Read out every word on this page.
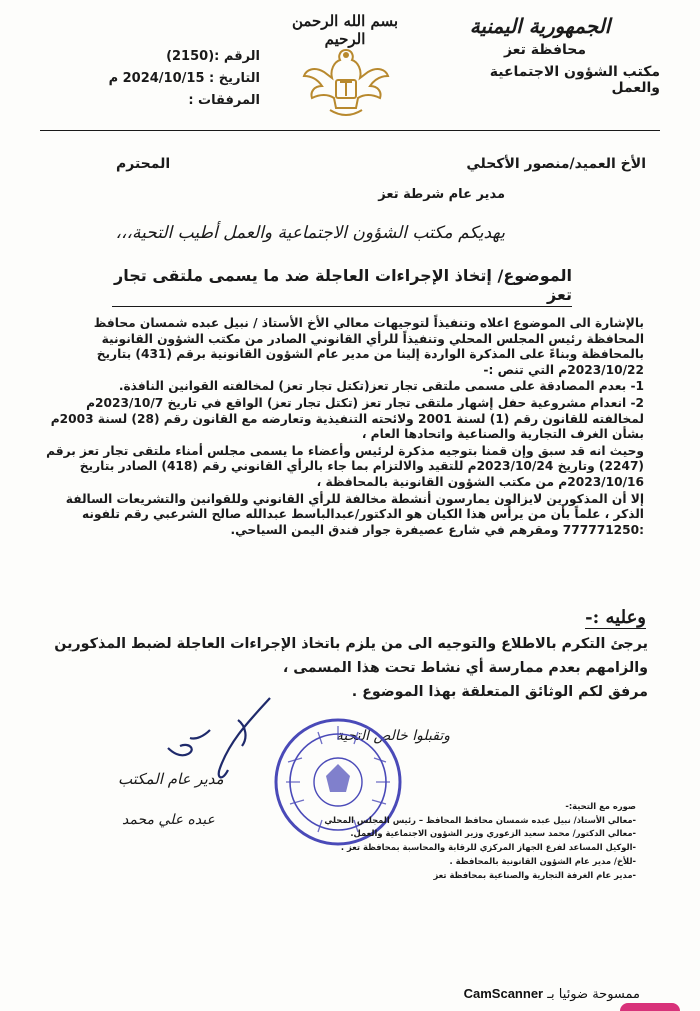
الجمهورية اليمنية
محافظة تعز
مكتب الشؤون الاجتماعية والعمل
بسم الله الرحمن الرحيم
الرقم :(2150)
التاريخ : 2024/10/15 م
المرفقات :
الأخ العميد/منصور الأكحلي
المحترم
مدير عام شرطة تعز
يهديكم مكتب الشؤون الاجتماعية والعمل أطيب التحية،،،
الموضوع/ إتخاذ الإجراءات العاجلة ضد ما يسمى ملتقى تجار تعز

بالإشارة الى الموضوع اعلاه وتنفيذاً لتوجيهات معالي الأخ الأستاذ / نبيل عبده شمسان محافظ المحافظة رئيس المجلس المحلي وتنفيذاً للرأي القانوني الصادر من مكتب الشؤون القانونية بالمحافظة وبناءً على المذكرة الواردة إلينا من مدير عام الشؤون القانونية برقم (431) بتاريخ 2023/10/22م التي تنص :-

1- بعدم المصادقة على مسمى ملتقى تجار تعز(تكتل تجار تعز) لمخالفته القوانين النافذة.

2- انعدام مشروعية حفل إشهار ملتقى تجار تعز (تكتل تجار تعز) الواقع في تاريخ 2023/10/7م لمخالفته للقانون رقم (1) لسنة 2001 ولائحته التنفيذية وتعارضه مع القانون رقم (28) لسنة 2003م بشأن الغرف التجارية والصناعية واتحادها العام ،

وحيث انه قد سبق وإن قمنا بتوجيه مذكرة لرئيس وأعضاء ما يسمى مجلس أمناء ملتقى تجار تعز برقم (2247) وتاريخ 2023/10/24م للتقيد والالتزام بما جاء بالرأي القانوني رقم (418) الصادر بتاريخ 2023/10/16م من مكتب الشؤون القانونية بالمحافظة ،

إلا أن المذكورين لايزالون يمارسون أنشطة مخالفة للرأي القانوني وللقوانين والتشريعات السالفة الذكر ، علماً بأن من يرأس هذا الكيان هو الدكتور/عبدالباسط عبدالله صالح الشرعبي رقم تلفونه :777771250 ومقرهم في شارع عصيفرة جوار فندق اليمن السياحي.

وعليه :-

يرجئ التكرم بالاطلاع والتوجيه الى من يلزم باتخاذ الإجراءات العاجلة لضبط المذكورين والزامهم بعدم ممارسة أي نشاط تحت هذا المسمى ،

مرفق لكم الوثائق المتعلقة بهذا الموضوع .

وتقبلوا خالص التحية
مدير عام المكتب
عبده علي محمد

صوره مع التحية:-

-معالي الأستاذ/ نبيل عبده شمسان محافظ المحافظ – رئيس المجلس المحلي

-معالي الدكتور/ محمد سعيد الزعوري وزير الشؤون الاجتماعية والعمل.

-الوكيل المساعد لفرع الجهاز المركزي للرقابة والمحاسبة بمحافظة تعز .

-للأخ/ مدير عام الشؤون القانونية بالمحافظة .

-مدير عام الغرفة التجارية والصناعية بمحافظة تعز

ممسوحة ضوئيا بـ CamScanner
